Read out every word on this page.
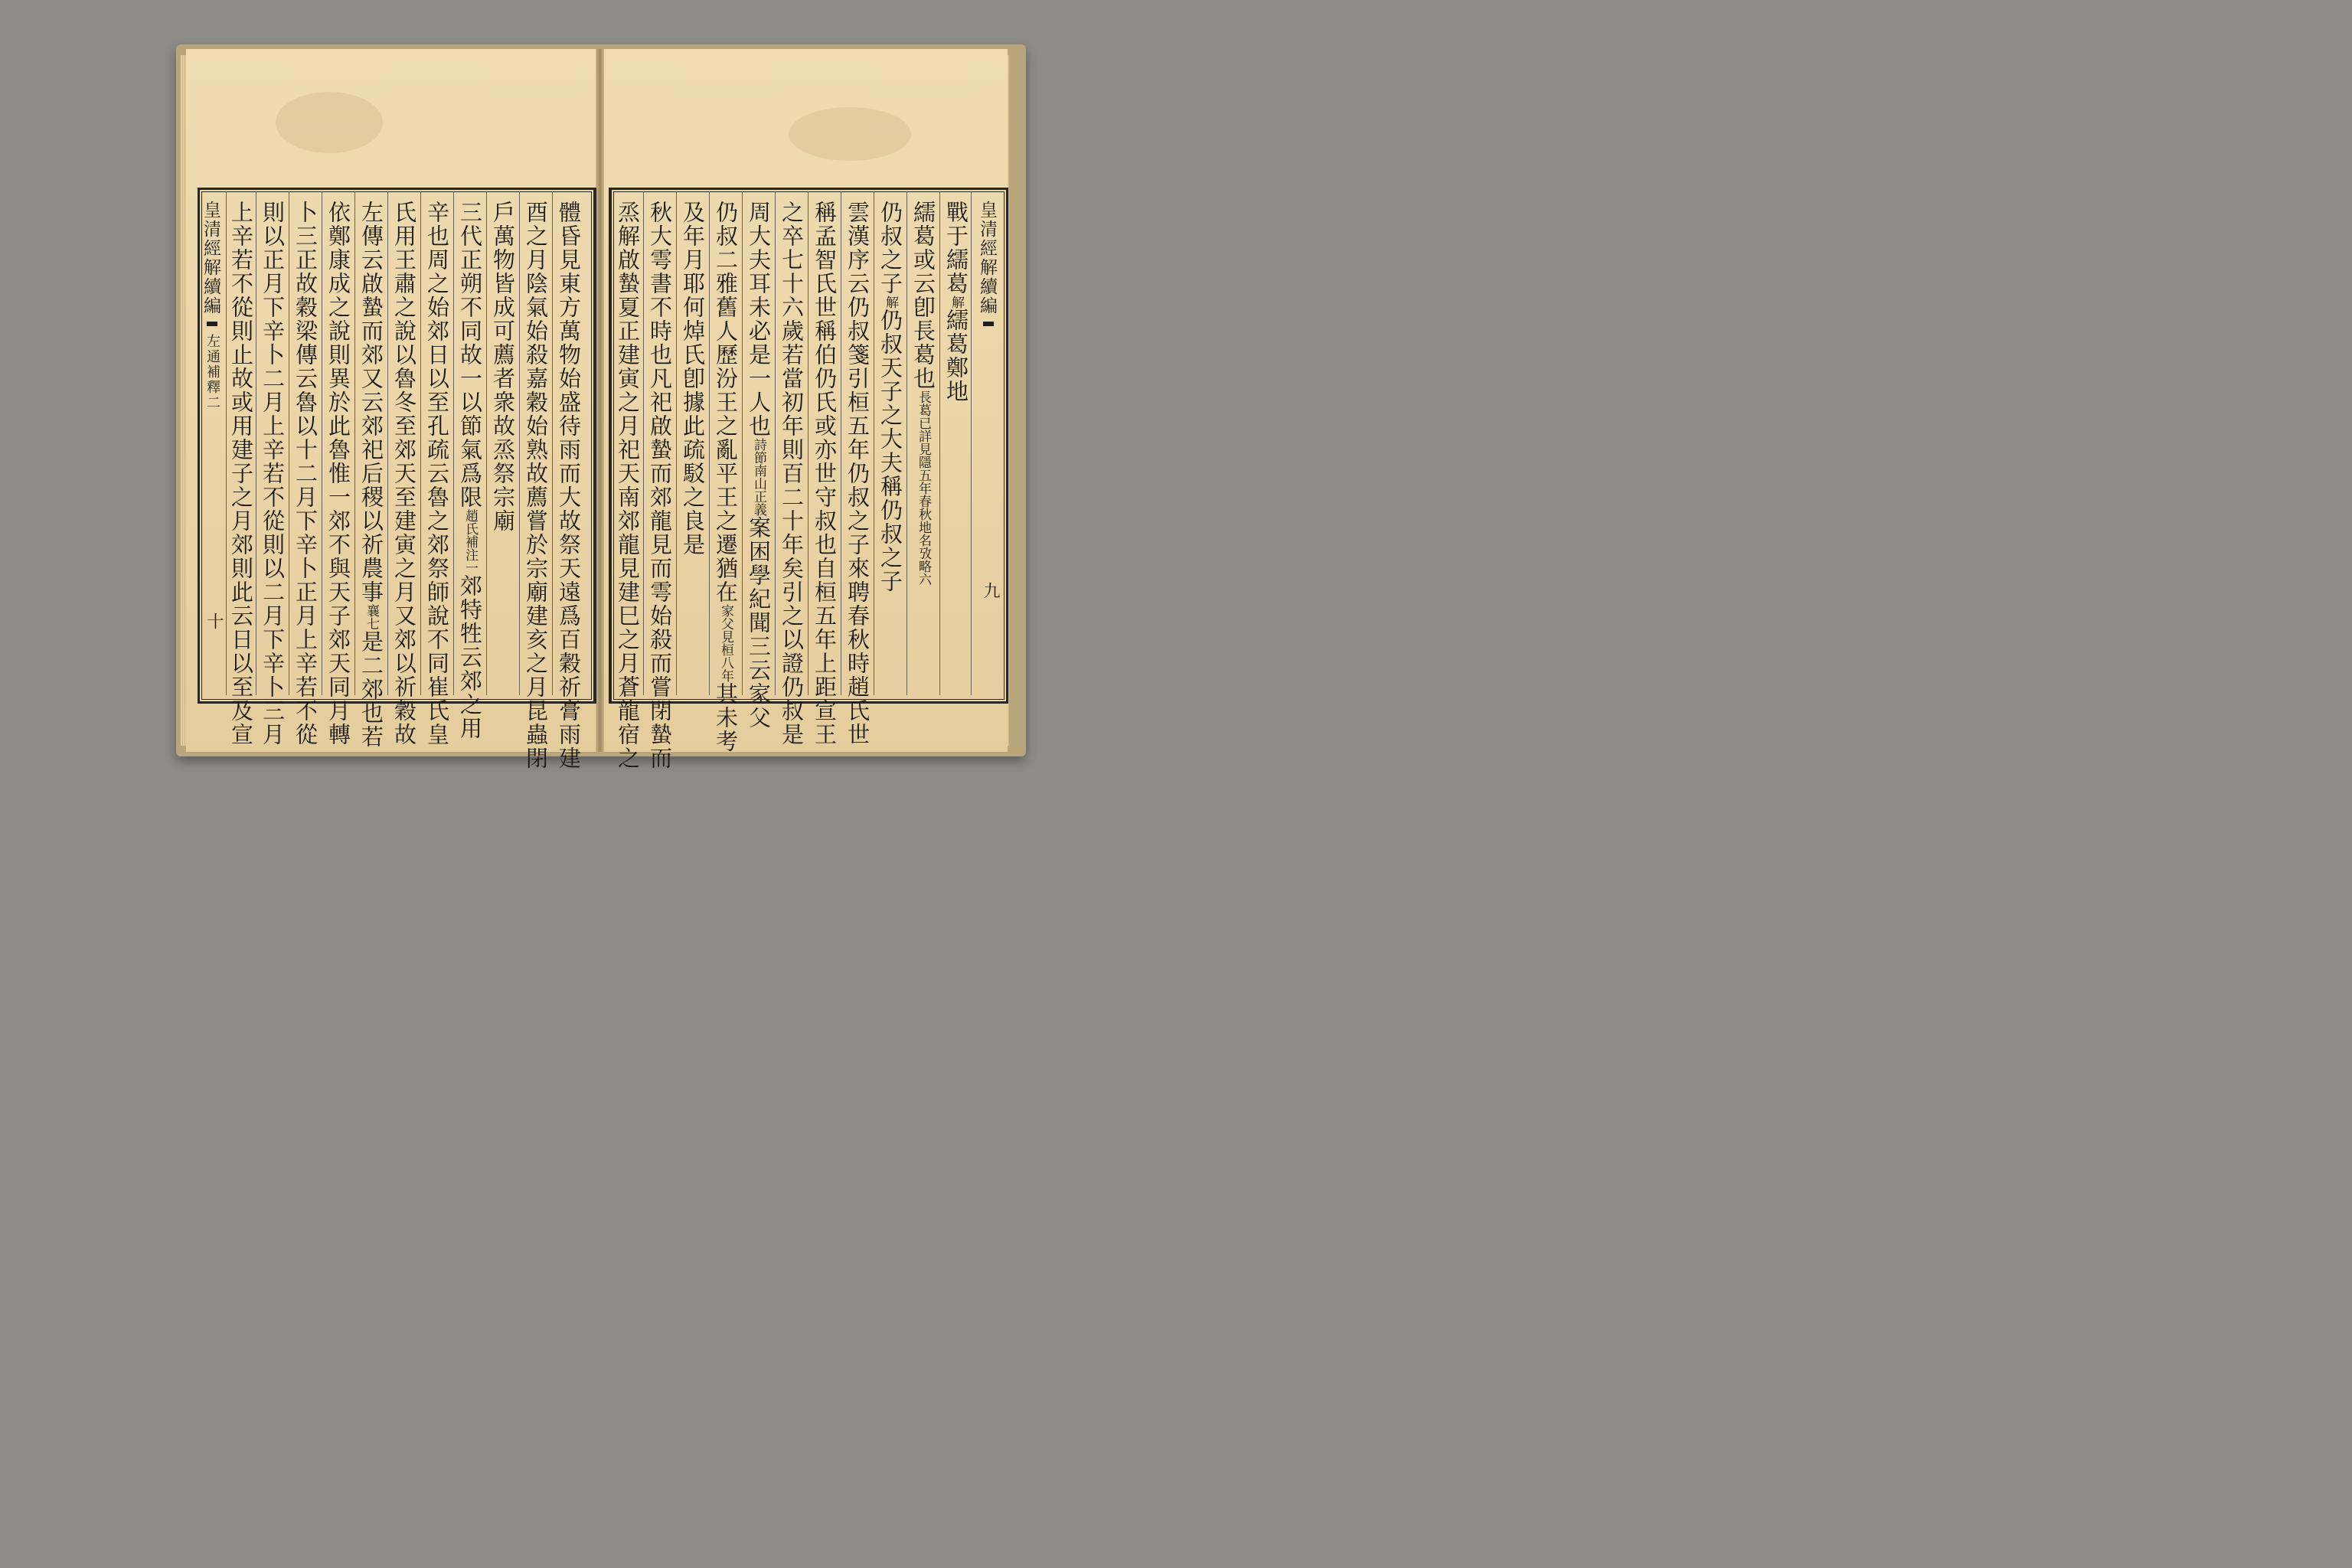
皇清經解續編
左通補釋二
十	體昏見東方萬物始盛待雨而大故祭天遠爲百穀祈膏雨建
酉之月陰氣始殺嘉穀始熟故薦嘗於宗廟建亥之月昆蟲閉
戶萬物皆成可薦者衆故烝祭宗廟
三代正朔不同故一以節氣爲限趙氏補注一郊特牲云郊之用
辛也周之始郊日以至孔疏云魯之郊祭師說不同崔氏皇
氏用王肅之說以魯冬至郊天至建寅之月又郊以祈穀故
左傳云啟蟄而郊又云郊祀后稷以祈農事襄七是二郊也若
依鄭康成之說則異於此魯惟一郊不與天子郊天同月轉
卜三正故穀梁傳云魯以十二月下辛卜正月上辛若不從
則以正月下辛卜二月上辛若不從則以二月下辛卜三月
上辛若不從則止故或用建子之月郊則此云日以至及宣	皇清經解續編
九
戰于繻葛解繻葛鄭地
繻葛或云卽長葛也長葛已詳見隱五年春秋地名攷略六
仍叔之子解仍叔天子之大夫稱仍叔之子
雲漢序云仍叔箋引桓五年仍叔之子來聘春秋時趙氏世
稱孟智氏世稱伯仍氏或亦世守叔也自桓五年上距宣王
之卒七十六歲若當初年則百二十年矣引之以證仍叔是
周大夫耳未必是一人也詩節南山正義案困學紀聞三云家父
仍叔二雅舊人歷汾王之亂平王之遷猶在家父見桓八年其未考
及年月耶何焯氏卽據此疏駁之良是
秋大雩書不時也凡祀啟蟄而郊龍見而雩始殺而嘗閉蟄而
烝解啟蟄夏正建寅之月祀天南郊龍見建巳之月蒼龍宿之
